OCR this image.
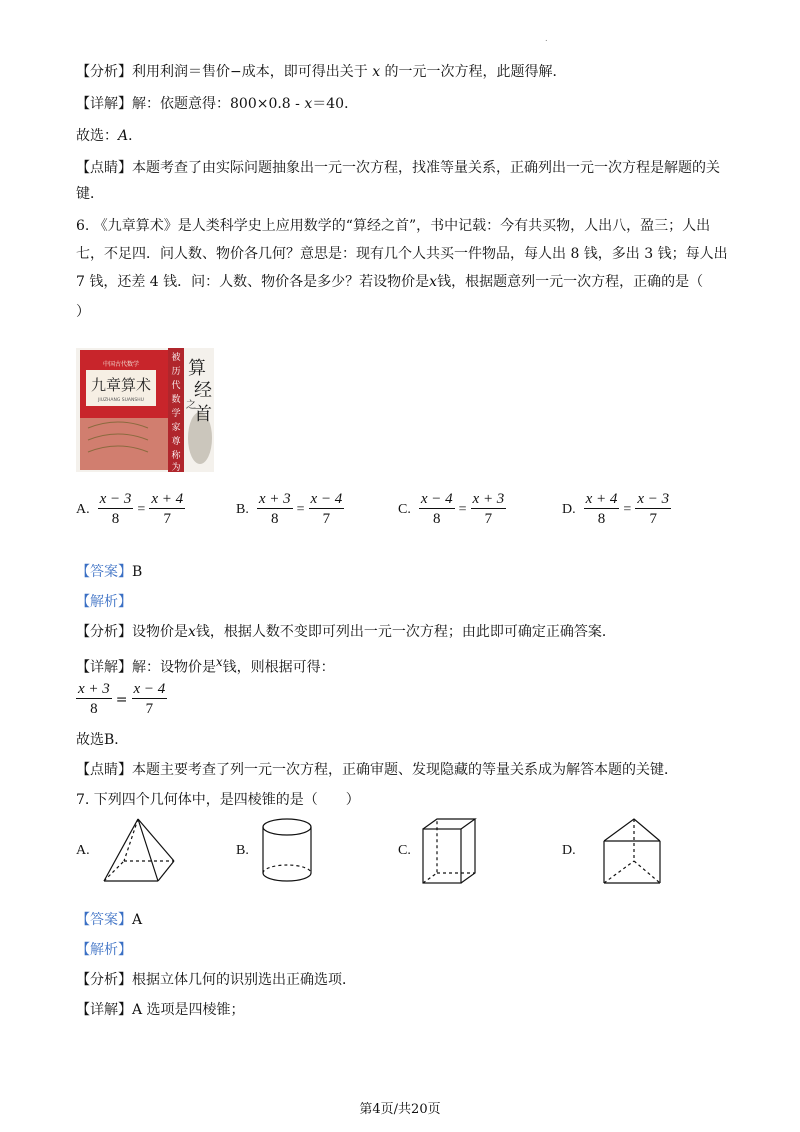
.
【分析】利用利润＝售价−成本，即可得出关于 x 的一元一次方程，此题得解．
【详解】解：依题意得：800×0.8 - x＝40．
故选：A．
【点睛】本题考查了由实际问题抽象出一元一次方程，找准等量关系，正确列出一元一次方程是解题的关
键．
6. 《九章算术》是人类科学史上应用数学的“算经之首”，书中记载：今有共买物，人出八，盈三；人出
七，不足四．问人数、物价各几何？意思是：现有几个人共买一件物品，每人出 8 钱，多出 3 钱；每人出
7 钱，还差 4 钱．问：人数、物价各是多少？若设物价是x钱，根据题意列一元一次方程，正确的是（
）
中国古代数学
九章算术
JIUZHANG SUANSHU
被历代 数学家 尊称为
算
经
之
首
A. $\frac{x - 3}{8} = \frac{x + 4}{7}$	B. $\frac{x + 3}{8} = \frac{x - 4}{7}$	C. $\frac{x - 4}{8} = \frac{x + 3}{7}$	D. $\frac{x + 4}{8} = \frac{x - 3}{7}$
【答案】B
【解析】
【分析】设物价是x钱，根据人数不变即可列出一元一次方程；由此即可确定正确答案．
【详解】解：设物价是$^x$钱，则根据可得：
$\frac{x + 3}{8} = \frac{x - 4}{7}$
故选B．
【点睛】本题主要考查了列一元一次方程，正确审题、发现隐藏的等量关系成为解答本题的关键．
7. 下列四个几何体中，是四棱锥的是（　　）
A.	B.	C.	D.
【答案】A
【解析】
【分析】根据立体几何的识别选出正确选项．
【详解】A 选项是四棱锥；
第4页/共20页
